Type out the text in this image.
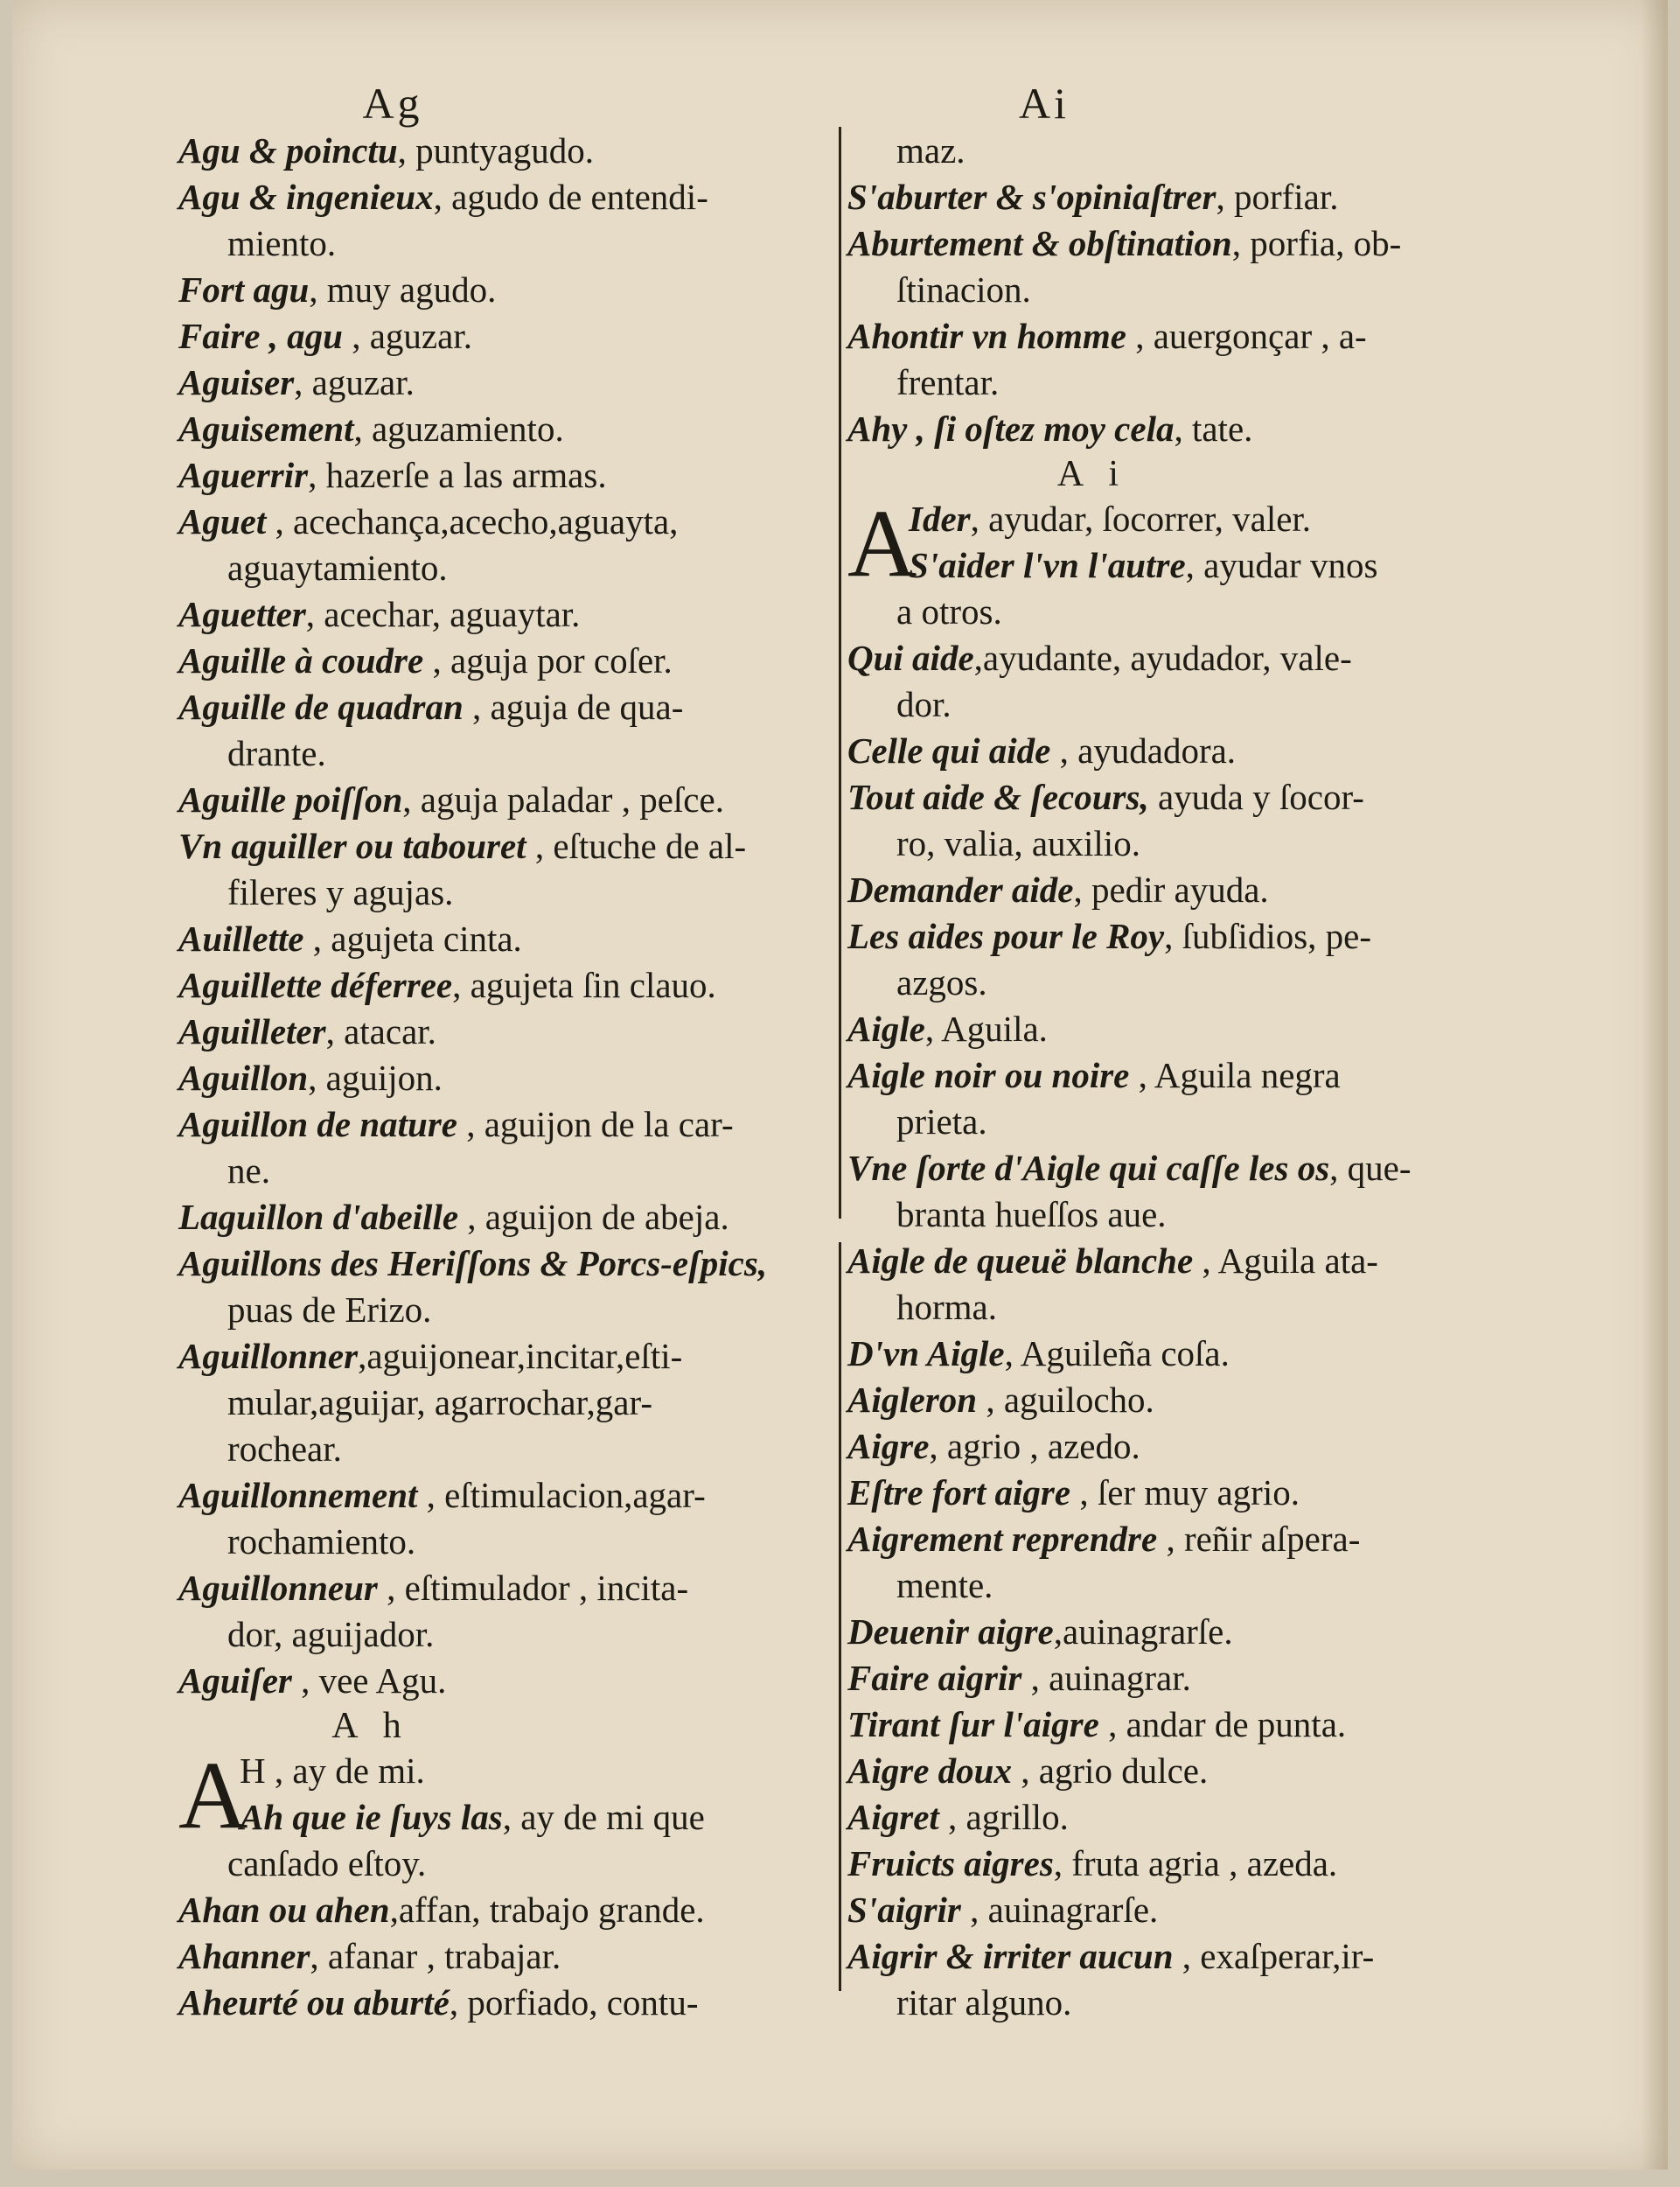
Ag
Agu & poinctu, puntyagudo.
Agu & ingenieux, agudo de entendi-
miento.
Fort agu, muy agudo.
Faire , agu , aguzar.
Aguiser, aguzar.
Aguisement, aguzamiento.
Aguerrir, hazerſe a las armas.
Aguet , acechança,acecho,aguayta,
aguaytamiento.
Aguetter, acechar, aguaytar.
Aguille à coudre , aguja por coſer.
Aguille de quadran , aguja de qua-
drante.
Aguille poiſſon, aguja paladar , peſce.
Vn aguiller ou tabouret , eſtuche de al-
fileres y agujas.
Auillette , agujeta cinta.
Aguillette déferree, agujeta ſin clauo.
Aguilleter, atacar.
Aguillon, aguijon.
Aguillon de nature , aguijon de la car-
ne.
Laguillon d'abeille , aguijon de abeja.
Aguillons des Heriſſons & Porcs-eſpics,
puas de Erizo.
Aguillonner,aguijonear,incitar,eſti-
mular,aguijar, agarrochar,gar-
rochear.
Aguillonnement , eſtimulacion,agar-
rochamiento.
Aguillonneur , eſtimulador , incita-
dor, aguijador.
Aguiſer , vee Agu.
A h
A
H , ay de mi.
Ah que ie ſuys las, ay de mi que
canſado eſtoy.
Ahan ou ahen,affan, trabajo grande.
Ahanner, afanar , trabajar.
Aheurté ou aburté, porfiado, contu-
Ai
maz.
S'aburter & s'opiniaſtrer, porfiar.
Aburtement & obſtination, porfia, ob-
ſtinacion.
Ahontir vn homme , auergonçar , a-
frentar.
Ahy , ſi oſtez moy cela, tate.
A i
A
Ider, ayudar, ſocorrer, valer.
S'aider l'vn l'autre, ayudar vnos
a otros.
Qui aide,ayudante, ayudador, vale-
dor.
Celle qui aide , ayudadora.
Tout aide & ſecours, ayuda y ſocor-
ro, valia, auxilio.
Demander aide, pedir ayuda.
Les aides pour le Roy, ſubſidios, pe-
azgos.
Aigle, Aguila.
Aigle noir ou noire , Aguila negra
prieta.
Vne ſorte d'Aigle qui caſſe les os, que-
branta hueſſos aue.
Aigle de queuë blanche , Aguila ata-
horma.
D'vn Aigle, Aguileña coſa.
Aigleron , aguilocho.
Aigre, agrio , azedo.
Eſtre fort aigre , ſer muy agrio.
Aigrement reprendre , reñir aſpera-
mente.
Deuenir aigre,auinagrarſe.
Faire aigrir , auinagrar.
Tirant ſur l'aigre , andar de punta.
Aigre doux , agrio dulce.
Aigret , agrillo.
Fruicts aigres, fruta agria , azeda.
S'aigrir , auinagrarſe.
Aigrir & irriter aucun , exaſperar,ir-
ritar alguno.
